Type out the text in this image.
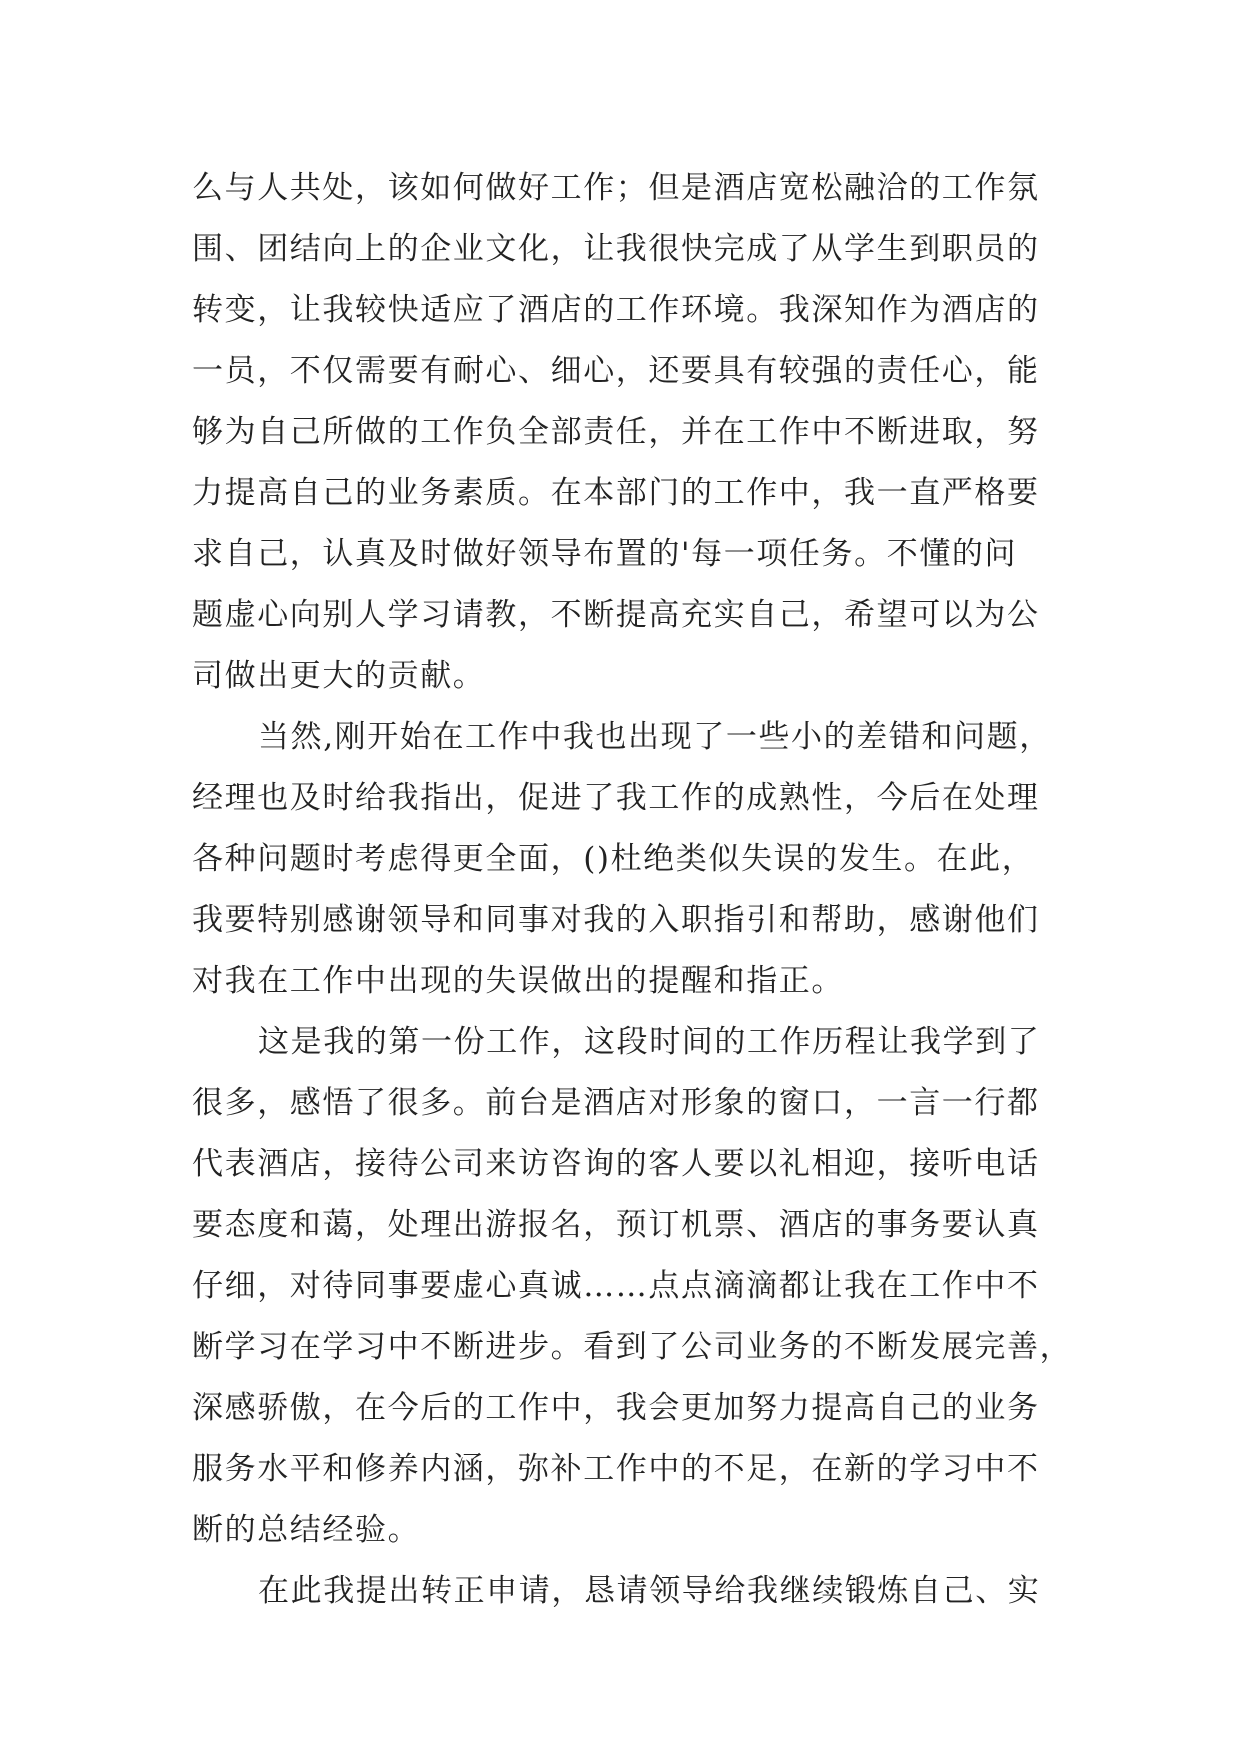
么与人共处，该如何做好工作；但是酒店宽松融洽的工作氛
围、团结向上的企业文化，让我很快完成了从学生到职员的
转变，让我较快适应了酒店的工作环境。我深知作为酒店的
一员，不仅需要有耐心、细心，还要具有较强的责任心，能
够为自己所做的工作负全部责任，并在工作中不断进取，努
力提高自己的业务素质。在本部门的工作中，我一直严格要
求自己，认真及时做好领导布置的'每一项任务。不懂的问
题虚心向别人学习请教，不断提高充实自己，希望可以为公
司做出更大的贡献。
当然,刚开始在工作中我也出现了一些小的差错和问题，
经理也及时给我指出，促进了我工作的成熟性，今后在处理
各种问题时考虑得更全面，()杜绝类似失误的发生。在此，
我要特别感谢领导和同事对我的入职指引和帮助，感谢他们
对我在工作中出现的失误做出的提醒和指正。
这是我的第一份工作，这段时间的工作历程让我学到了
很多，感悟了很多。前台是酒店对形象的窗口，一言一行都
代表酒店，接待公司来访咨询的客人要以礼相迎，接听电话
要态度和蔼，处理出游报名，预订机票、酒店的事务要认真
仔细，对待同事要虚心真诚……点点滴滴都让我在工作中不
断学习在学习中不断进步。看到了公司业务的不断发展完善，
深感骄傲，在今后的工作中，我会更加努力提高自己的业务
服务水平和修养内涵，弥补工作中的不足，在新的学习中不
断的总结经验。
在此我提出转正申请，恳请领导给我继续锻炼自己、实
